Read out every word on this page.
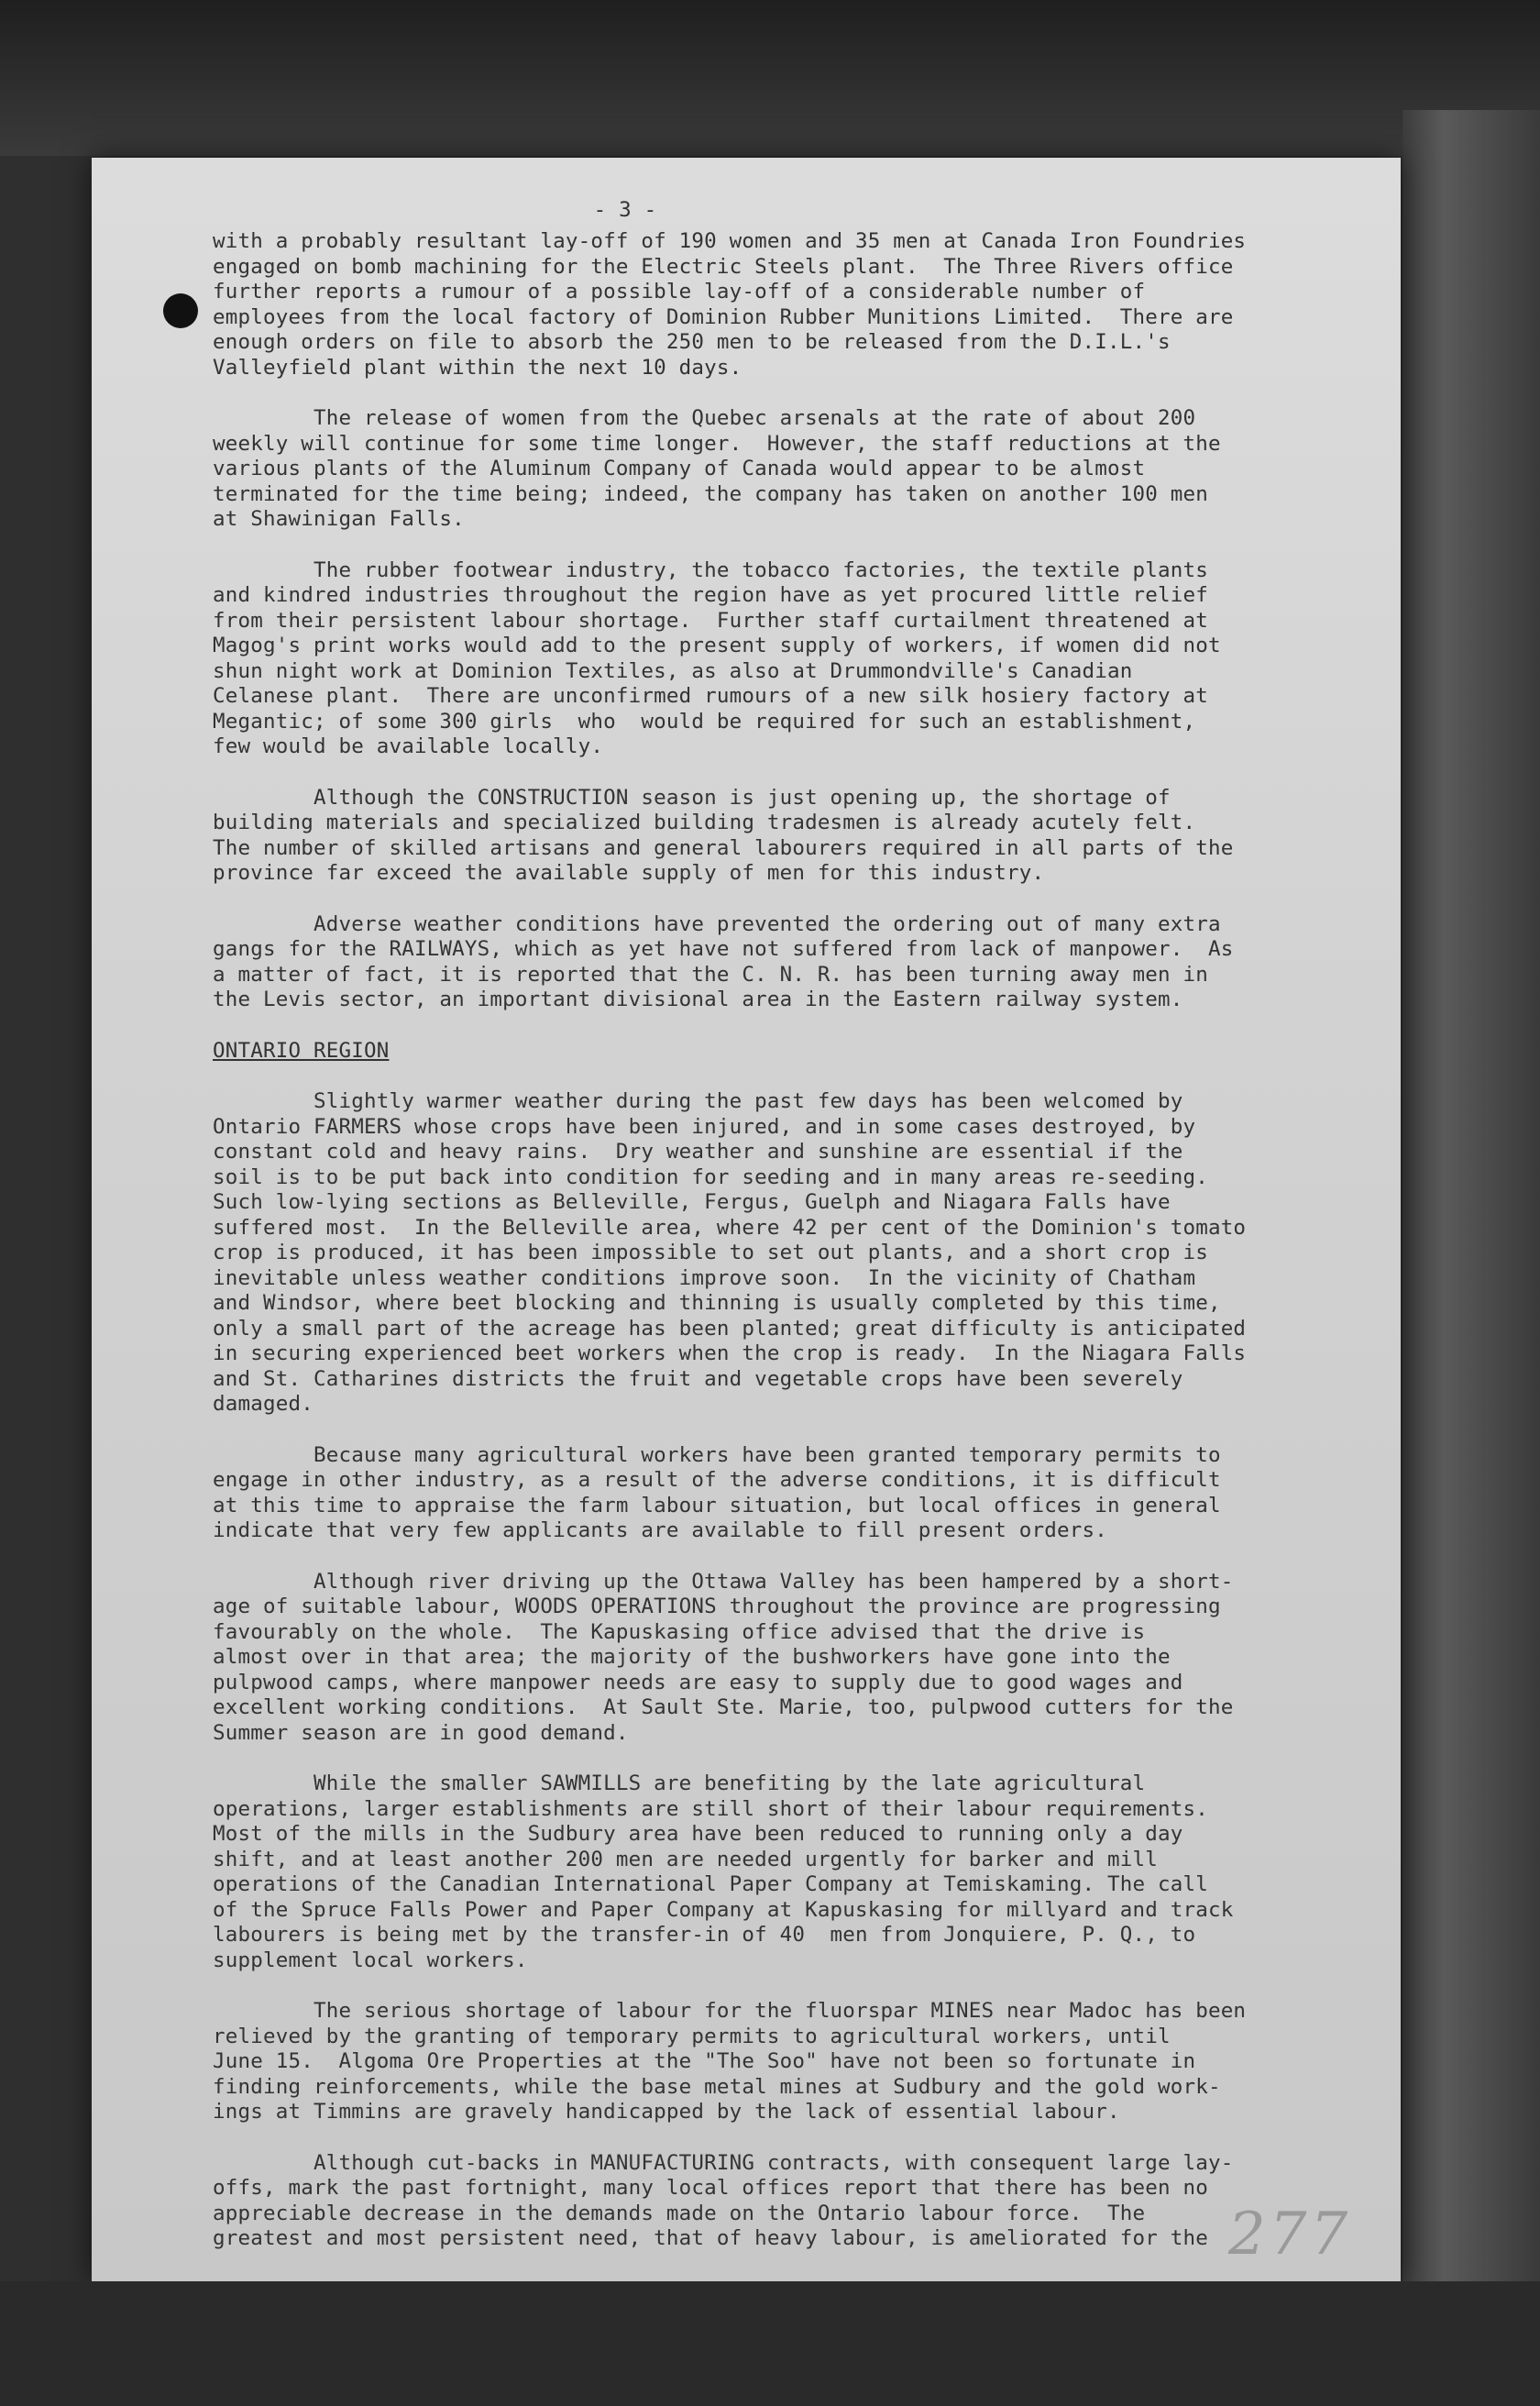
- 3 -

with a probably resultant lay-off of 190 women and 35 men at Canada Iron Foundries
engaged on bomb machining for the Electric Steels plant.  The Three Rivers office
further reports a rumour of a possible lay-off of a considerable number of
employees from the local factory of Dominion Rubber Munitions Limited.  There are
enough orders on file to absorb the 250 men to be released from the D.I.L.'s
Valleyfield plant within the next 10 days.

The release of women from the Quebec arsenals at the rate of about 200
weekly will continue for some time longer.  However, the staff reductions at the
various plants of the Aluminum Company of Canada would appear to be almost
terminated for the time being; indeed, the company has taken on another 100 men
at Shawinigan Falls.

The rubber footwear industry, the tobacco factories, the textile plants
and kindred industries throughout the region have as yet procured little relief
from their persistent labour shortage.  Further staff curtailment threatened at
Magog's print works would add to the present supply of workers, if women did not
shun night work at Dominion Textiles, as also at Drummondville's Canadian
Celanese plant.  There are unconfirmed rumours of a new silk hosiery factory at
Megantic; of some 300 girls  who  would be required for such an establishment,
few would be available locally.

Although the CONSTRUCTION season is just opening up, the shortage of
building materials and specialized building tradesmen is already acutely felt.
The number of skilled artisans and general labourers required in all parts of the
province far exceed the available supply of men for this industry.

Adverse weather conditions have prevented the ordering out of many extra
gangs for the RAILWAYS, which as yet have not suffered from lack of manpower.  As
a matter of fact, it is reported that the C. N. R. has been turning away men in
the Levis sector, an important divisional area in the Eastern railway system.

ONTARIO REGION

Slightly warmer weather during the past few days has been welcomed by
Ontario FARMERS whose crops have been injured, and in some cases destroyed, by
constant cold and heavy rains.  Dry weather and sunshine are essential if the
soil is to be put back into condition for seeding and in many areas re-seeding.
Such low-lying sections as Belleville, Fergus, Guelph and Niagara Falls have
suffered most.  In the Belleville area, where 42 per cent of the Dominion's tomato
crop is produced, it has been impossible to set out plants, and a short crop is
inevitable unless weather conditions improve soon.  In the vicinity of Chatham
and Windsor, where beet blocking and thinning is usually completed by this time,
only a small part of the acreage has been planted; great difficulty is anticipated
in securing experienced beet workers when the crop is ready.  In the Niagara Falls
and St. Catharines districts the fruit and vegetable crops have been severely
damaged.

Because many agricultural workers have been granted temporary permits to
engage in other industry, as a result of the adverse conditions, it is difficult
at this time to appraise the farm labour situation, but local offices in general
indicate that very few applicants are available to fill present orders.

Although river driving up the Ottawa Valley has been hampered by a short-
age of suitable labour, WOODS OPERATIONS throughout the province are progressing
favourably on the whole.  The Kapuskasing office advised that the drive is
almost over in that area; the majority of the bushworkers have gone into the
pulpwood camps, where manpower needs are easy to supply due to good wages and
excellent working conditions.  At Sault Ste. Marie, too, pulpwood cutters for the
Summer season are in good demand.

While the smaller SAWMILLS are benefiting by the late agricultural
operations, larger establishments are still short of their labour requirements.
Most of the mills in the Sudbury area have been reduced to running only a day
shift, and at least another 200 men are needed urgently for barker and mill
operations of the Canadian International Paper Company at Temiskaming. The call
of the Spruce Falls Power and Paper Company at Kapuskasing for millyard and track
labourers is being met by the transfer-in of 40  men from Jonquiere, P. Q., to
supplement local workers.

The serious shortage of labour for the fluorspar MINES near Madoc has been
relieved by the granting of temporary permits to agricultural workers, until
June 15.  Algoma Ore Properties at the "The Soo" have not been so fortunate in
finding reinforcements, while the base metal mines at Sudbury and the gold work-
ings at Timmins are gravely handicapped by the lack of essential labour.

Although cut-backs in MANUFACTURING contracts, with consequent large lay-
offs, mark the past fortnight, many local offices report that there has been no
appreciable decrease in the demands made on the Ontario labour force.  The
greatest and most persistent need, that of heavy labour, is ameliorated for the 277
